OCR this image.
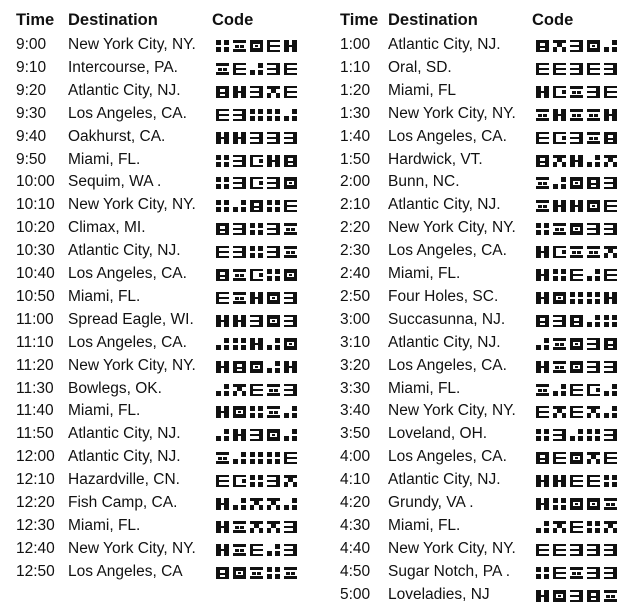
Time Destination	Code
9:00 New York City, NY.
9:10 Intercourse, PA.
9:20 Atlantic City, NJ.
9:30 Los Angeles, CA.
9:40 Oakhurst, CA.
9:50 Miami, FL.
10:00 Sequim, WA .
10:10 New York City, NY.
10:20 Climax, MI.
10:30 Atlantic City, NJ.
10:40 Los Angeles, CA.
10:50 Miami, FL.
11:00 Spread Eagle, WI.
11:10 Los Angeles, CA.
11:20 New York City, NY.
11:30 Bowlegs, OK.
11:40 Miami, FL.
11:50 Atlantic City, NJ.
12:00 Atlantic City, NJ.
12:10 Hazardville, CN.
12:20 Fish Camp, CA.
12:30 Miami, FL.
12:40 New York City, NY.
12:50 Los Angeles, CA
Time Destination	Code
1:00 Atlantic City, NJ.
1:10 Oral, SD.
1:20 Miami, FL
1:30 New York City, NY.
1:40 Los Angeles, CA.
1:50 Hardwick, VT.
2:00 Bunn, NC.
2:10 Atlantic City, NJ.
2:20 New York City, NY.
2:30 Los Angeles, CA.
2:40 Miami, FL.
2:50 Four Holes, SC.
3:00 Succasunna, NJ.
3:10 Atlantic City, NJ.
3:20 Los Angeles, CA.
3:30 Miami, FL.
3:40 New York City, NY.
3:50 Loveland, OH.
4:00 Los Angeles, CA.
4:10 Atlantic City, NJ.
4:20 Grundy, VA .
4:30 Miami, FL.
4:40 New York City, NY.
4:50 Sugar Notch, PA .
5:00 Loveladies, NJ
